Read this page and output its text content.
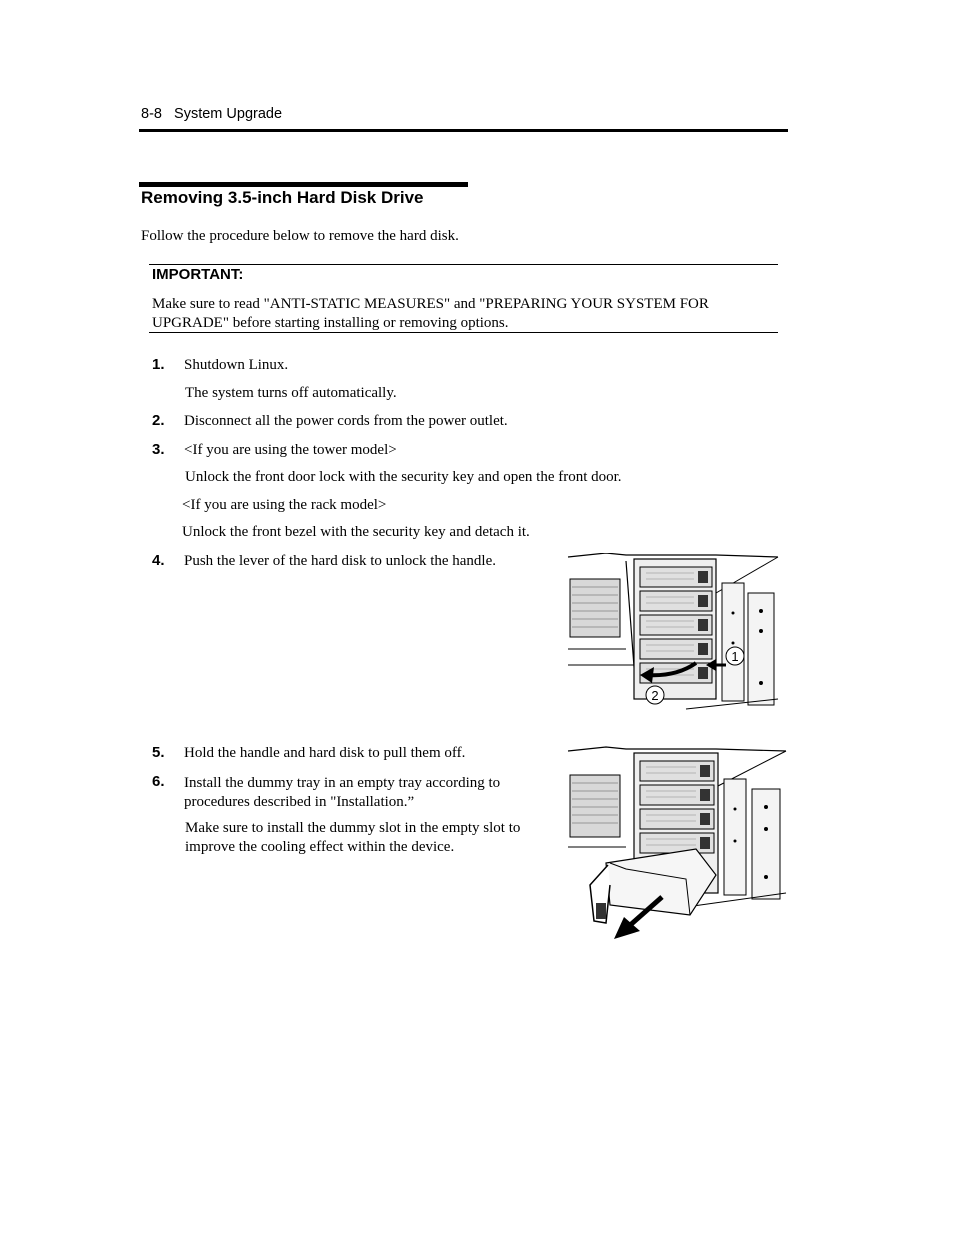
8-8   System Upgrade
Removing 3.5-inch Hard Disk Drive
Follow the procedure below to remove the hard disk.
IMPORTANT:
Make sure to read "ANTI-STATIC MEASURES" and "PREPARING YOUR SYSTEM FOR UPGRADE" before starting installing or removing options.
1. Shutdown Linux.
The system turns off automatically.
2. Disconnect all the power cords from the power outlet.
3. <If you are using the tower model>
Unlock the front door lock with the security key and open the front door.
<If you are using the rack model>
Unlock the front bezel with the security key and detach it.
4. Push the lever of the hard disk to unlock the handle.
1
2
5. Hold the handle and hard disk to pull them off.
6. Install the dummy tray in an empty tray according to procedures described in "Installation.”
Make sure to install the dummy slot in the empty slot to improve the cooling effect within the device.
